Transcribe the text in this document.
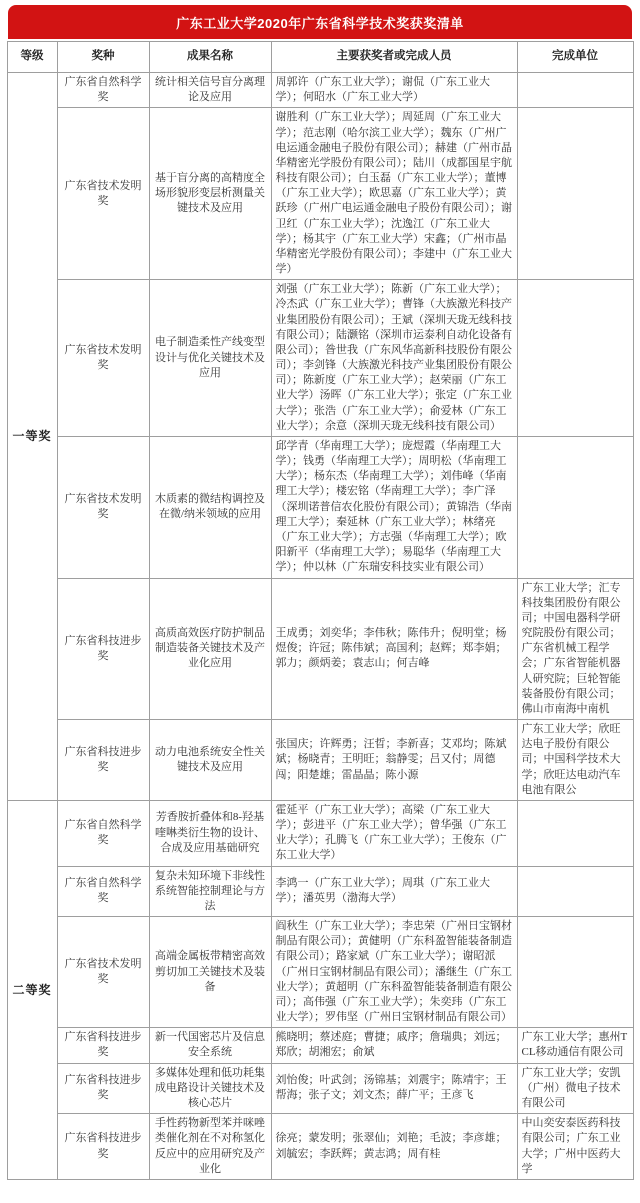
广东工业大学2020年广东省科学技术奖获奖清单
等级	奖种	成果名称	主要获奖者或完成人员	完成单位
一等奖	广东省自然科学奖	统计相关信号盲分离理论及应用	周郭许（广东工业大学）；谢侃（广东工业大学）；何昭水（广东工业大学）	
	广东省技术发明奖	基于盲分离的高精度全场形貌形变层析测量关键技术及应用	谢胜利（广东工业大学）；周延周（广东工业大学）；范志刚（哈尔滨工业大学）；魏东（广州广电运通金融电子股份有限公司）；赫建（广州市晶华精密光学股份有限公司）；陆川（成都国星宇航科技有限公司）；白玉磊（广东工业大学）；董博（广东工业大学）；欧思嘉（广东工业大学）；黄跃珍（广州广电运通金融电子股份有限公司）；谢卫红（广东工业大学）；沈逸江（广东工业大学）；杨其宇（广东工业大学）宋鑫；（广州市晶华精密光学股份有限公司）；李建中（广东工业大学）	
	广东省技术发明奖	电子制造柔性产线变型设计与优化关键技术及应用	刘强（广东工业大学）；陈新（广东工业大学）；冷杰武（广东工业大学）；曹锋（大族激光科技产业集团股份有限公司）；王斌（深圳天珑无线科技有限公司）；陆灏铭（深圳市运泰利自动化设备有限公司）；昝世我（广东风华高新科技股份有限公司）；李剑锋（大族激光科技产业集团股份有限公司）；陈新度（广东工业大学）；赵荣丽（广东工业大学）汤晖（广东工业大学）；张定（广东工业大学）；张浩（广东工业大学）；俞爱林（广东工业大学）；余意（深圳天珑无线科技有限公司）	
	广东省技术发明奖	木质素的微结构调控及在微/纳米领域的应用	邱学青（华南理工大学）；庞煜霞（华南理工大学）；钱勇（华南理工大学）；周明松（华南理工大学）；杨东杰（华南理工大学）；刘伟峰（华南理工大学）；楼宏铭（华南理工大学）；李广泽（深圳诺普信农化股份有限公司）；黄锦浩（华南理工大学）；秦延林（广东工业大学）；林绪亮（广东工业大学）；方志强（华南理工大学）；欧阳新平（华南理工大学）；易聪华（华南理工大学）；仲以林（广东瑞安科技实业有限公司）	
	广东省科技进步奖	高质高效医疗防护制品制造装备关键技术及产业化应用	王成勇；刘奕华；李伟秋；陈伟升；倪明堂；杨煜俊；许冠；陈伟斌；高国利；赵辉；郑李娟；郭力；颜炳姜；袁志山；何吉峰	广东工业大学；汇专科技集团股份有限公司；中国电器科学研究院股份有限公司；广东省机械工程学会；广东省智能机器人研究院；巨轮智能装备股份有限公司；佛山市南海中南机
	广东省科技进步奖	动力电池系统安全性关键技术及应用	张国庆；许辉勇；汪晢；李新喜；艾邓均；陈斌斌；杨晓青；王明旺；翁静雯；吕又付；周德闯；阳楚雄；雷晶晶；陈小源	广东工业大学；欣旺达电子股份有限公司；中国科学技术大学；欣旺达电动汽车电池有限公
二等奖	广东省自然科学奖	芳香胺折叠体和8-羟基喹啉类衍生物的设计、合成及应用基础研究	霍延平（广东工业大学）；高梁（广东工业大学）；彭进平（广东工业大学）；曾华强（广东工业大学）；孔腾飞（广东工业大学）；王俊东（广东工业大学）	
	广东省自然科学奖	复杂未知环境下非线性系统智能控制理论与方法	李鸿一（广东工业大学）；周琪（广东工业大学）；潘英男（渤海大学）	
	广东省技术发明奖	高端金属板带精密高效剪切加工关键技术及装备	阎秋生（广东工业大学）；李忠荣（广州日宝钢材制品有限公司）；黄健明（广东科盈智能装备制造有限公司）；路家斌（广东工业大学）；谢昭派（广州日宝钢材制品有限公司）；潘继生（广东工业大学）；黄超明（广东科盈智能装备制造有限公司）；高伟强（广东工业大学）；朱奕玮（广东工业大学）；罗伟坚（广州日宝钢材制品有限公司）	
	广东省科技进步奖	新一代国密芯片及信息安全系统	熊晓明；蔡述庭；曹捷；戚序；詹瑞典；刘远；郑欣；胡湘宏；俞斌	广东工业大学；惠州TCL移动通信有限公司
	广东省科技进步奖	多媒体处理和低功耗集成电路设计关键技术及核心芯片	刘怡俊；叶武剑；汤锦基；刘震宇；陈靖宇；王帮海；张子文；刘文杰；薛广平；王彦飞	广东工业大学；安凯（广州）微电子技术有限公司
	广东省科技进步奖	手性药物新型苯并咪唑类催化剂在不对称氢化反应中的应用研究及产业化	徐亮；蒙发明；张翠仙；刘艳；毛波；李彦雄；刘毓宏；李跃辉；黄志鸿；周有桂	中山奕安泰医药科技有限公司；广东工业大学；广州中医药大学
